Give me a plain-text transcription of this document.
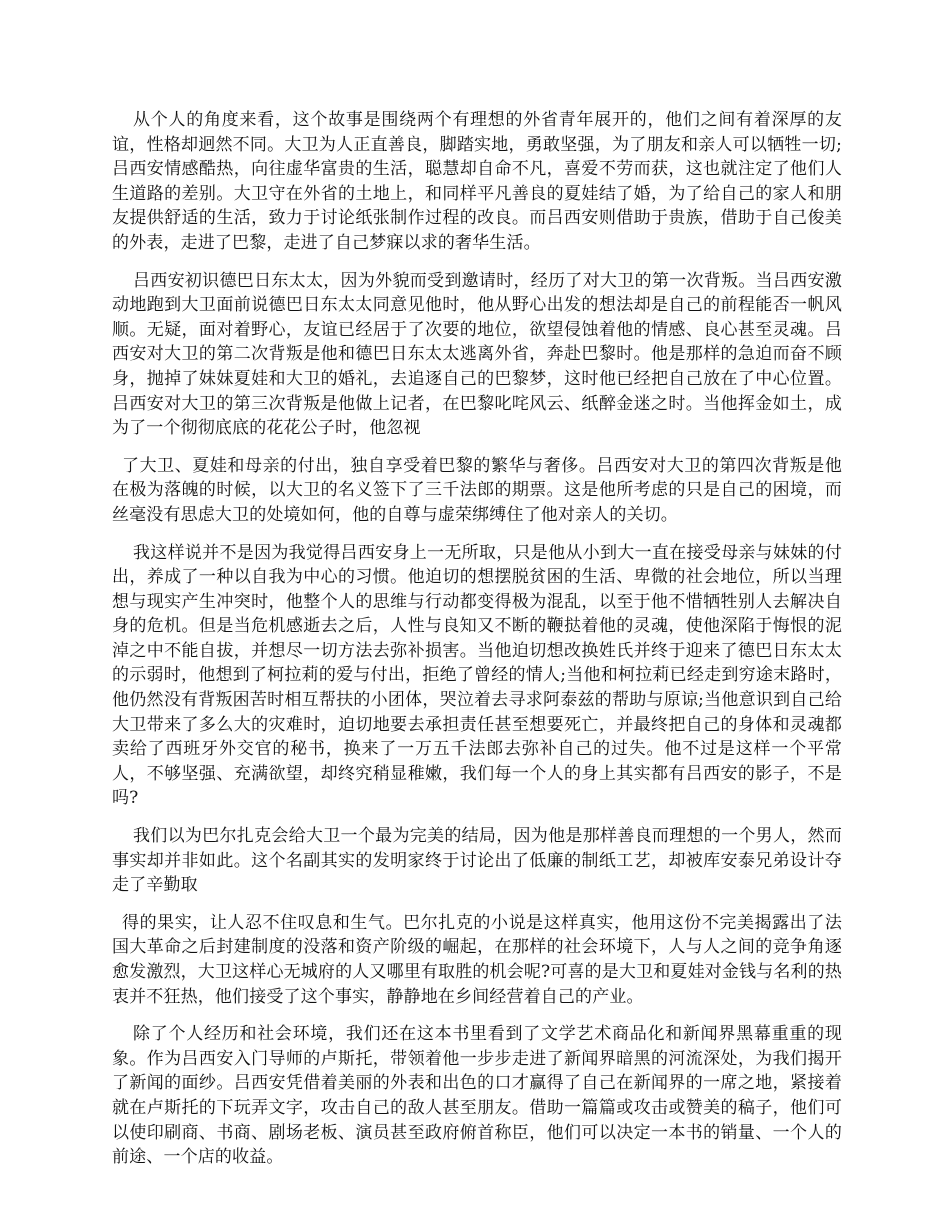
从个人的角度来看，这个故事是围绕两个有理想的外省青年展开的，他们之间有着深厚的友谊，性格却迥然不同。大卫为人正直善良，脚踏实地，勇敢坚强，为了朋友和亲人可以牺牲一切;吕西安情感酷热，向往虚华富贵的生活，聪慧却自命不凡，喜爱不劳而获，这也就注定了他们人生道路的差别。大卫守在外省的土地上，和同样平凡善良的夏娃结了婚，为了给自己的家人和朋友提供舒适的生活，致力于讨论纸张制作过程的改良。而吕西安则借助于贵族，借助于自己俊美的外表，走进了巴黎，走进了自己梦寐以求的奢华生活。

吕西安初识德巴日东太太，因为外貌而受到邀请时，经历了对大卫的第一次背叛。当吕西安激动地跑到大卫面前说德巴日东太太同意见他时，他从野心出发的想法却是自己的前程能否一帆风顺。无疑，面对着野心，友谊已经居于了次要的地位，欲望侵蚀着他的情感、良心甚至灵魂。吕西安对大卫的第二次背叛是他和德巴日东太太逃离外省，奔赴巴黎时。他是那样的急迫而奋不顾身，抛掉了妹妹夏娃和大卫的婚礼，去追逐自己的巴黎梦，这时他已经把自己放在了中心位置。吕西安对大卫的第三次背叛是他做上记者，在巴黎叱咤风云、纸醉金迷之时。当他挥金如土，成为了一个彻彻底底的花花公子时，他忽视

了大卫、夏娃和母亲的付出，独自享受着巴黎的繁华与奢侈。吕西安对大卫的第四次背叛是他在极为落魄的时候，以大卫的名义签下了三千法郎的期票。这是他所考虑的只是自己的困境，而丝毫没有思虑大卫的处境如何，他的自尊与虚荣绑缚住了他对亲人的关切。

我这样说并不是因为我觉得吕西安身上一无所取，只是他从小到大一直在接受母亲与妹妹的付出，养成了一种以自我为中心的习惯。他迫切的想摆脱贫困的生活、卑微的社会地位，所以当理想与现实产生冲突时，他整个人的思维与行动都变得极为混乱，以至于他不惜牺牲别人去解决自身的危机。但是当危机感逝去之后，人性与良知又不断的鞭挞着他的灵魂，使他深陷于悔恨的泥淖之中不能自拔，并想尽一切方法去弥补损害。当他迫切想改换姓氏并终于迎来了德巴日东太太的示弱时，他想到了柯拉莉的爱与付出，拒绝了曾经的情人;当他和柯拉莉已经走到穷途末路时，他仍然没有背叛困苦时相互帮扶的小团体，哭泣着去寻求阿泰兹的帮助与原谅;当他意识到自己给大卫带来了多么大的灾难时，迫切地要去承担责任甚至想要死亡，并最终把自己的身体和灵魂都卖给了西班牙外交官的秘书，换来了一万五千法郎去弥补自己的过失。他不过是这样一个平常人，不够坚强、充满欲望，却终究稍显稚嫩，我们每一个人的身上其实都有吕西安的影子，不是吗?

我们以为巴尔扎克会给大卫一个最为完美的结局，因为他是那样善良而理想的一个男人，然而事实却并非如此。这个名副其实的发明家终于讨论出了低廉的制纸工艺，却被库安泰兄弟设计夺走了辛勤取

得的果实，让人忍不住叹息和生气。巴尔扎克的小说是这样真实，他用这份不完美揭露出了法国大革命之后封建制度的没落和资产阶级的崛起，在那样的社会环境下，人与人之间的竞争角逐愈发激烈，大卫这样心无城府的人又哪里有取胜的机会呢?可喜的是大卫和夏娃对金钱与名利的热衷并不狂热，他们接受了这个事实，静静地在乡间经营着自己的产业。

除了个人经历和社会环境，我们还在这本书里看到了文学艺术商品化和新闻界黑幕重重的现象。作为吕西安入门导师的卢斯托，带领着他一步步走进了新闻界暗黑的河流深处，为我们揭开了新闻的面纱。吕西安凭借着美丽的外表和出色的口才赢得了自己在新闻界的一席之地，紧接着就在卢斯托的下玩弄文字，攻击自己的敌人甚至朋友。借助一篇篇或攻击或赞美的稿子，他们可以使印刷商、书商、剧场老板、演员甚至政府俯首称臣，他们可以决定一本书的销量、一个人的前途、一个店的收益。
